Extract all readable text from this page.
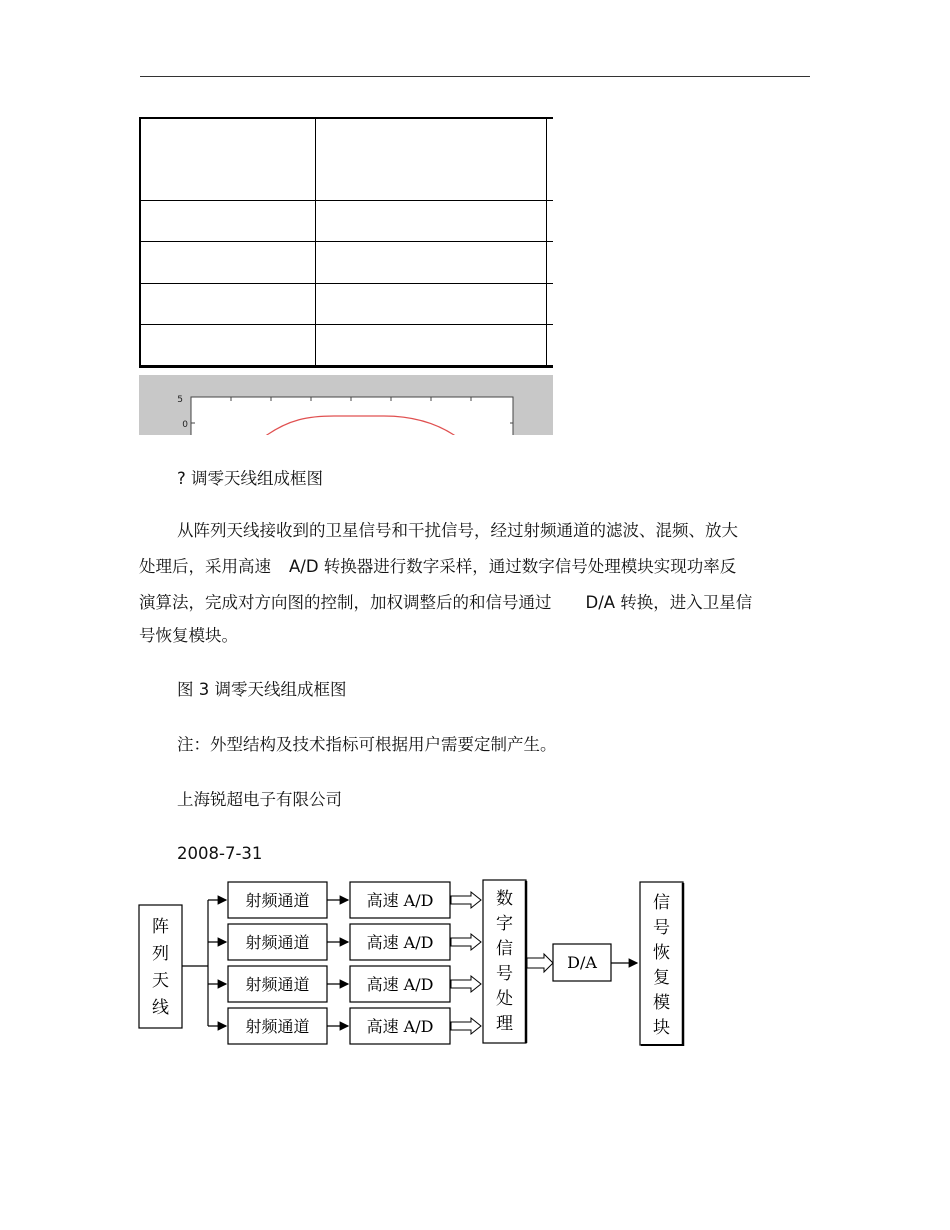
5
0
? 调零天线组成框图
从阵列天线接收到的卫星信号和干扰信号，经过射频通道的滤波、混频、放大
处理后，采用高速 A/D 转换器进行数字采样，通过数字信号处理模块实现功率反
演算法，完成对方向图的控制，加权调整后的和信号通过 D/A 转换，进入卫星信
号恢复模块。
图 3 调零天线组成框图
注：外型结构及技术指标可根据用户需要定制产生。
上海锐超电子有限公司
2008-7-31
阵
列
天
线
射频通道
射频通道
射频通道
射频通道
高速 A/D
高速 A/D
高速 A/D
高速 A/D
数
字
信
号
处
理
D/A
信
号
恢
复
模
块
